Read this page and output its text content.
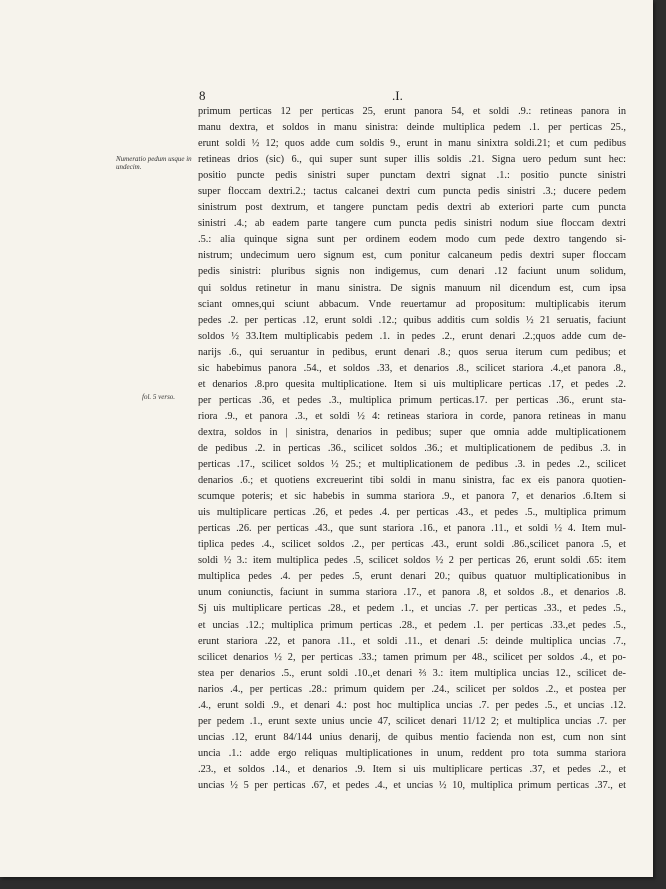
8	.I.
Numeratio pedum usque in undecim.
fol. 5 verso.
primum perticas 12 per perticas 25, erunt panora 54, et soldi .9.: retineas panora in
manu dextra, et soldos in manu sinistra: deinde multiplica pedem .1. per perticas 25.,
erunt soldi ½ 12; quos adde cum soldis 9., erunt in manu sinixtra soldi.21; et cum pedibus
retineas drios (sic) 6., qui super sunt super illis soldis .21. Signa uero pedum sunt hec:
positio puncte pedis sinistri super punctam dextri signat .1.: positio puncte sinistri
super floccam dextri.2.; tactus calcanei dextri cum puncta pedis sinistri .3.; ducere pedem
sinistrum post dextrum, et tangere punctam pedis dextri ab exteriori parte cum puncta
sinistri .4.; ab eadem parte tangere cum puncta pedis sinistri nodum siue floccam dextri
.5.: alia quinque signa sunt per ordinem eodem modo cum pede dextro tangendo si-
nistrum; undecimum uero signum est, cum ponitur calcaneum pedis dextri super floccam
pedis sinistri: pluribus signis non indigemus, cum denari .12 faciunt unum solidum,
qui soldus retinetur in manu sinistra. De signis manuum nil dicendum est, cum ipsa
sciant omnes,qui sciunt abbacum. Vnde reuertamur ad propositum: multiplicabis iterum
pedes .2. per perticas .12, erunt soldi .12.; quibus additis cum soldis ½ 21 seruatis, faciunt
soldos ½ 33.Item multiplicabis pedem .1. in pedes .2., erunt denari .2.;quos adde cum de-
narijs .6., qui seruantur in pedibus, erunt denari .8.; quos serua iterum cum pedibus; et
sic habebimus panora .54., et soldos .33, et denarios .8., scilicet stariora .4.,et panora .8.,
et denarios .8.pro quesita multiplicatione. Item si uis multiplicare perticas .17, et pedes .2.
per perticas .36, et pedes .3., multiplica primum perticas.17. per perticas .36., erunt sta-
riora .9., et panora .3., et soldi ½ 4: retineas stariora in corde, panora retineas in manu
dextra, soldos in | sinistra, denarios in pedibus; super que omnia adde multiplicationem
de pedibus .2. in perticas .36., scilicet soldos .36.; et multiplicationem de pedibus .3. in
perticas .17., scilicet soldos ½ 25.; et multiplicationem de pedibus .3. in pedes .2., scilicet
denarios .6.; et quotiens excreuerint tibi soldi in manu sinistra, fac ex eis panora quotien-
scumque poteris; et sic habebis in summa stariora .9., et panora 7, et denarios .6.Item si
uis multiplicare perticas .26, et pedes .4. per perticas .43., et pedes .5., multiplica primum
perticas .26. per perticas .43., que sunt stariora .16., et panora .11., et soldi ½ 4. Item mul-
tiplica pedes .4., scilicet soldos .2., per perticas .43., erunt soldi .86.,scilicet panora .5, et
soldi ½ 3.: item multiplica pedes .5, scilicet soldos ½ 2 per perticas 26, erunt soldi .65: item
multiplica pedes .4. per pedes .5, erunt denari 20.; quibus quatuor multiplicationibus in
unum coniunctis, faciunt in summa stariora .17., et panora .8, et soldos .8., et denarios .8.
Sj uis multiplicare perticas .28., et pedem .1., et uncias .7. per perticas .33., et pedes .5.,
et uncias .12.; multiplica primum perticas .28., et pedem .1. per perticas .33.,et pedes .5.,
erunt stariora .22, et panora .11., et soldi .11., et denari .5: deinde multiplica uncias .7.,
scilicet denarios ½ 2, per perticas .33.; tamen primum per 48., scilicet per soldos .4., et po-
stea per denarios .5., erunt soldi .10.,et denari ⅔ 3.: item multiplica uncias 12., scilicet de-
narios .4., per perticas .28.: primum quidem per .24., scilicet per soldos .2., et postea per
.4., erunt soldi .9., et denari 4.: post hoc multiplica uncias .7. per pedes .5., et uncias .12.
per pedem .1., erunt sexte unius uncie 47, scilicet denari 11/12 2; et multiplica uncias .7. per
uncias .12, erunt 84/144 unius denarij, de quibus mentio facienda non est, cum non sint
uncia .1.: adde ergo reliquas multiplicationes in unum, reddent pro tota summa stariora
.23., et soldos .14., et denarios .9. Item si uis multiplicare perticas .37, et pedes .2., et
uncias ½ 5 per perticas .67, et pedes .4., et uncias ½ 10, multiplica primum perticas .37., et
